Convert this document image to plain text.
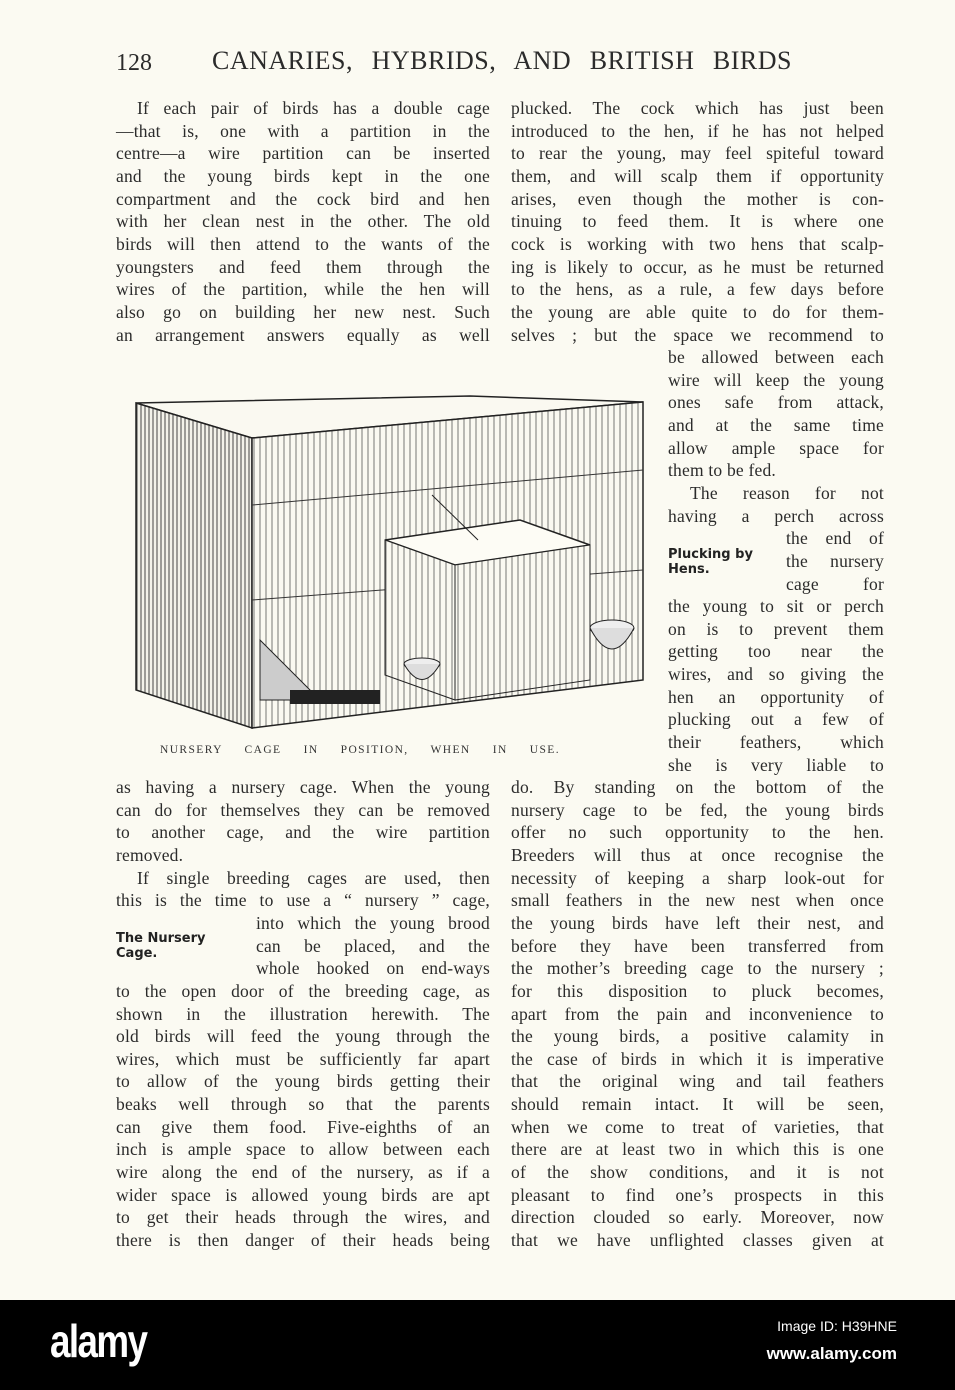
128 CANARIES, HYBRIDS, AND BRITISH BIRDS
If each pair of birds has a double cage
—that is, one with a partition in the
centre—a wire partition can be inserted
and the young birds kept in the one
compartment and the cock bird and hen
with her clean nest in the other. The old
birds will then attend to the wants of the
youngsters and feed them through the
wires of the partition, while the hen will
also go on building her new nest. Such
an arrangement answers equally as well
plucked. The cock which has just been
introduced to the hen, if he has not helped
to rear the young, may feel spiteful toward
them, and will scalp them if opportunity
arises, even though the mother is con-
tinuing to feed them. It is where one
cock is working with two hens that scalp-
ing is likely to occur, as he must be returned
to the hens, as a rule, a few days before
the young are able quite to do for them-
selves ; but the space we recommend to
be allowed between each
wire will keep the young
ones safe from attack,
and at the same time
allow ample space for
them to be fed.
The reason for not
having a perch across
the end of
the nursery
cage for
the young to sit or perch
on is to prevent them
getting too near the
wires, and so giving the
hen an opportunity of
plucking out a few of
their feathers, which
she is very liable to
do. By standing on the bottom of the
nursery cage to be fed, the young birds
offer no such opportunity to the hen.
Breeders will thus at once recognise the
necessity of keeping a sharp look-out for
small feathers in the new nest when once
the young birds have left their nest, and
before they have been transferred from
the mother’s breeding cage to the nursery ;
for this disposition to pluck becomes,
apart from the pain and inconvenience to
the young birds, a positive calamity in
the case of birds in which it is imperative
that the original wing and tail feathers
should remain intact. It will be seen,
when we come to treat of varieties, that
there are at least two in which this is one
of the show conditions, and it is not
pleasant to find one’s prospects in this
direction clouded so early. Moreover, now
that we have unflighted classes given at
as having a nursery cage. When the young
can do for themselves they can be removed
to another cage, and the wire partition
removed.
If single breeding cages are used, then
this is the time to use a “ nursery ” cage,
into which the young brood
can be placed, and the
whole hooked on end-ways
to the open door of the breeding cage, as
shown in the illustration herewith. The
old birds will feed the young through the
wires, which must be sufficiently far apart
to allow of the young birds getting their
beaks well through so that the parents
can give them food. Five-eighths of an
inch is ample space to allow between each
wire along the end of the nursery, as if a
wider space is allowed young birds are apt
to get their heads through the wires, and
there is then danger of their heads being
Plucking by
Hens.
The Nursery
Cage.
NURSERY CAGE IN POSITION, WHEN IN USE.
alamy	Image ID: H39HNE
www.alamy.com
